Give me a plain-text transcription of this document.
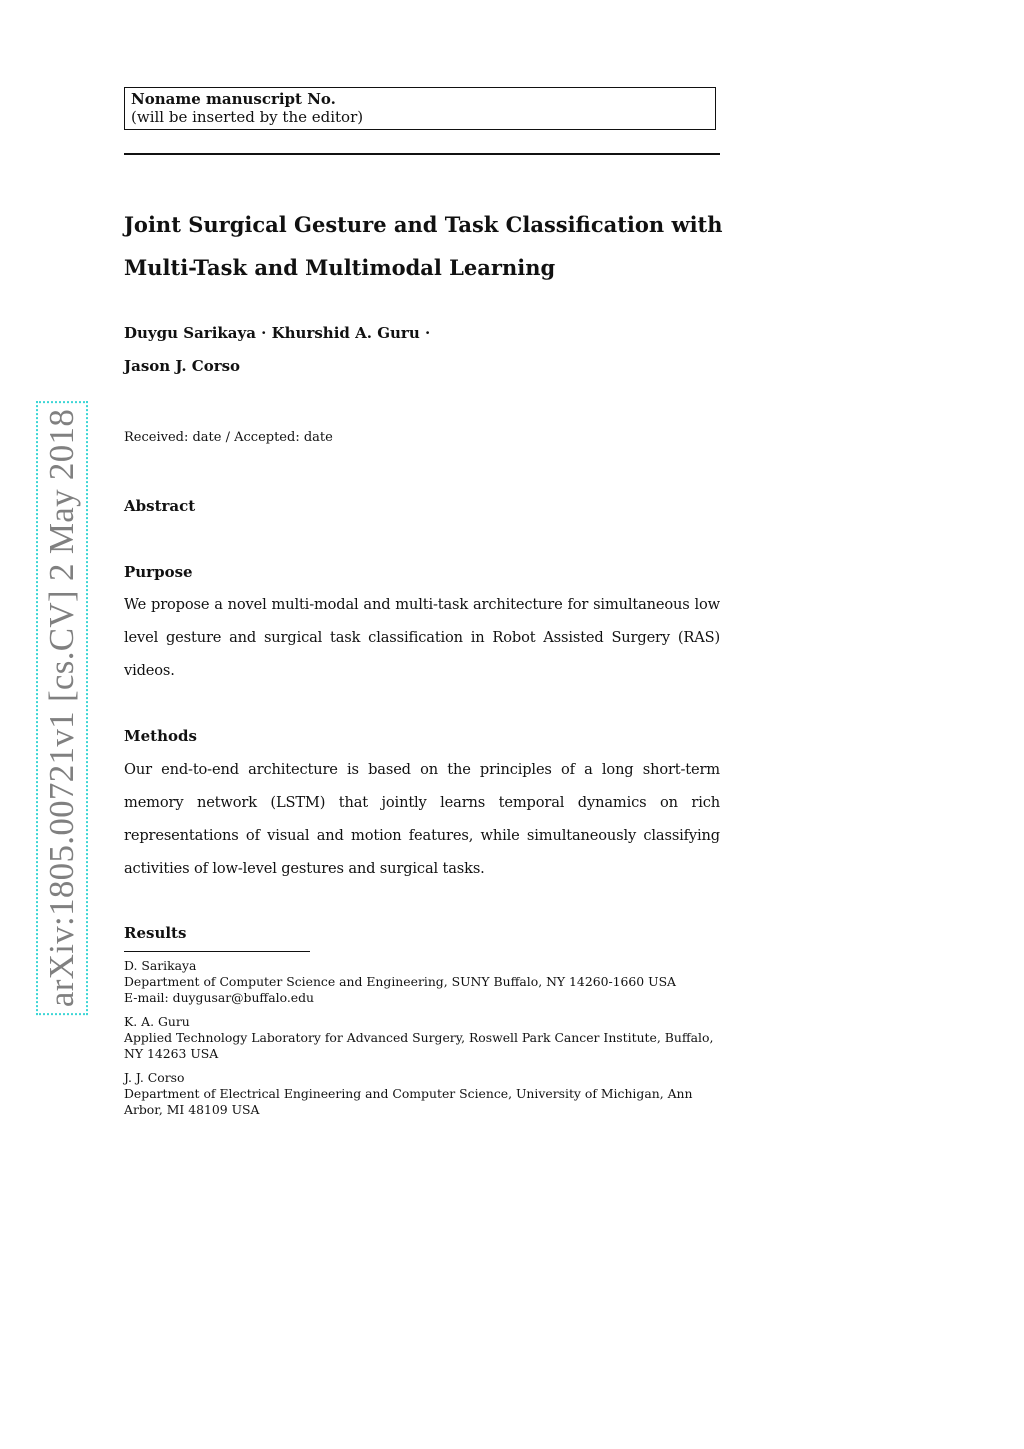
Noname manuscript No.
(will be inserted by the editor)
Joint Surgical Gesture and Task Classification with
Multi-Task and Multimodal Learning
Duygu Sarikaya · Khurshid A. Guru ·
Jason J. Corso
Received: date / Accepted: date
Abstract
Purpose

We propose a novel multi-modal and multi-task architecture for simultaneous low level gesture and surgical task classification in Robot Assisted Surgery (RAS) videos.

Methods

Our end-to-end architecture is based on the principles of a long short-term memory network (LSTM) that jointly learns temporal dynamics on rich representations of visual and motion features, while simultaneously classifying activities of low-level gestures and surgical tasks.

Results
D. Sarikaya
Department of Computer Science and Engineering, SUNY Buffalo, NY 14260-1660 USA
E-mail: duygusar@buffalo.edu
K. A. Guru
Applied Technology Laboratory for Advanced Surgery, Roswell Park Cancer Institute, Buffalo,
NY 14263 USA
J. J. Corso
Department of Electrical Engineering and Computer Science, University of Michigan, Ann
Arbor, MI 48109 USA
arXiv:1805.00721v1 [cs.CV] 2 May 2018
